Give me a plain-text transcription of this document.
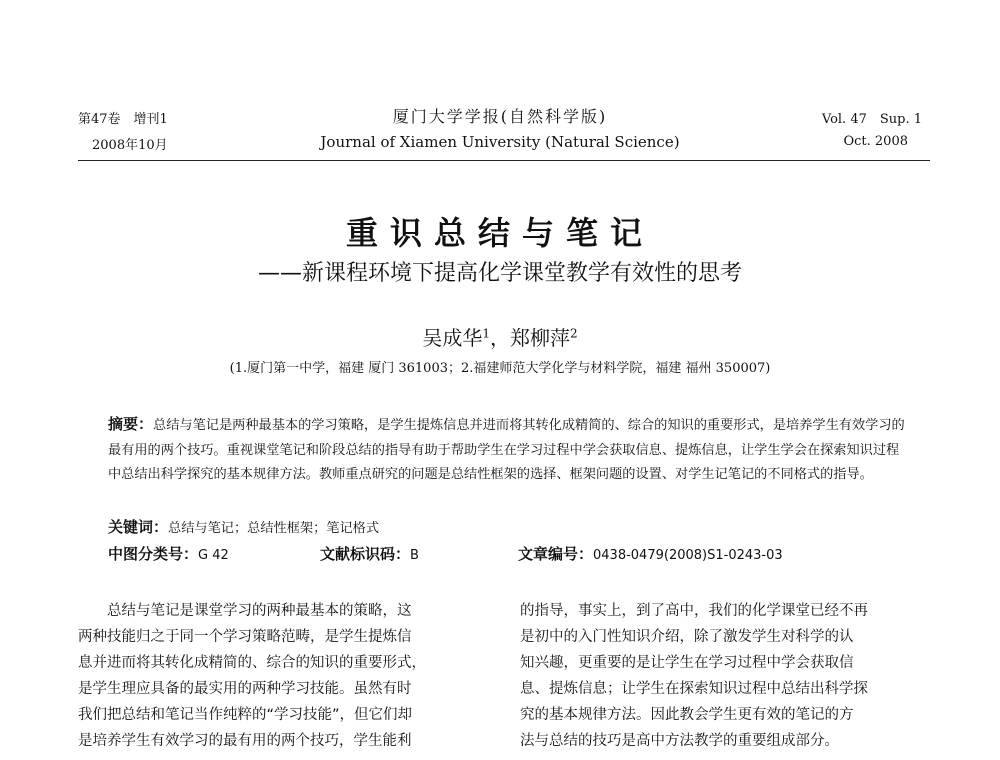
第47卷　增刊1
2008年10月
厦门大学学报(自然科学版)
Journal of Xiamen University (Natural Science)
Vol. 47　Sup. 1
Oct. 2008
重识总结与笔记
——新课程环境下提高化学课堂教学有效性的思考
吴成华$^1$，郑柳萍$^2$
(1.厦门第一中学，福建 厦门 361003；2.福建师范大学化学与材料学院，福建 福州 350007)
摘要：总结与笔记是两种最基本的学习策略，是学生提炼信息并进而将其转化成精简的、综合的知识的重要形式，是培养学生有效学习的最有用的两个技巧。重视课堂笔记和阶段总结的指导有助于帮助学生在学习过程中学会获取信息、提炼信息，让学生学会在探索知识过程中总结出科学探究的基本规律方法。教师重点研究的问题是总结性框架的选择、框架问题的设置、对学生记笔记的不同格式的指导。
关键词：总结与笔记；总结性框架；笔记格式
中图分类号：G 42	文献标识码：B	文章编号：0438-0479(2008)S1-0243-03
总结与笔记是课堂学习的两种最基本的策略，这
两种技能归之于同一个学习策略范畴，是学生提炼信
息并进而将其转化成精简的、综合的知识的重要形式，
是学生理应具备的最实用的两种学习技能。虽然有时
我们把总结和笔记当作纯粹的“学习技能”，但它们却
是培养学生有效学习的最有用的两个技巧，学生能利
的指导，事实上，到了高中，我们的化学课堂已经不再
是初中的入门性知识介绍，除了激发学生对科学的认
知兴趣，更重要的是让学生在学习过程中学会获取信
息、提炼信息；让学生在探索知识过程中总结出科学探
究的基本规律方法。因此教会学生更有效的笔记的方
法与总结的技巧是高中方法教学的重要组成部分。
